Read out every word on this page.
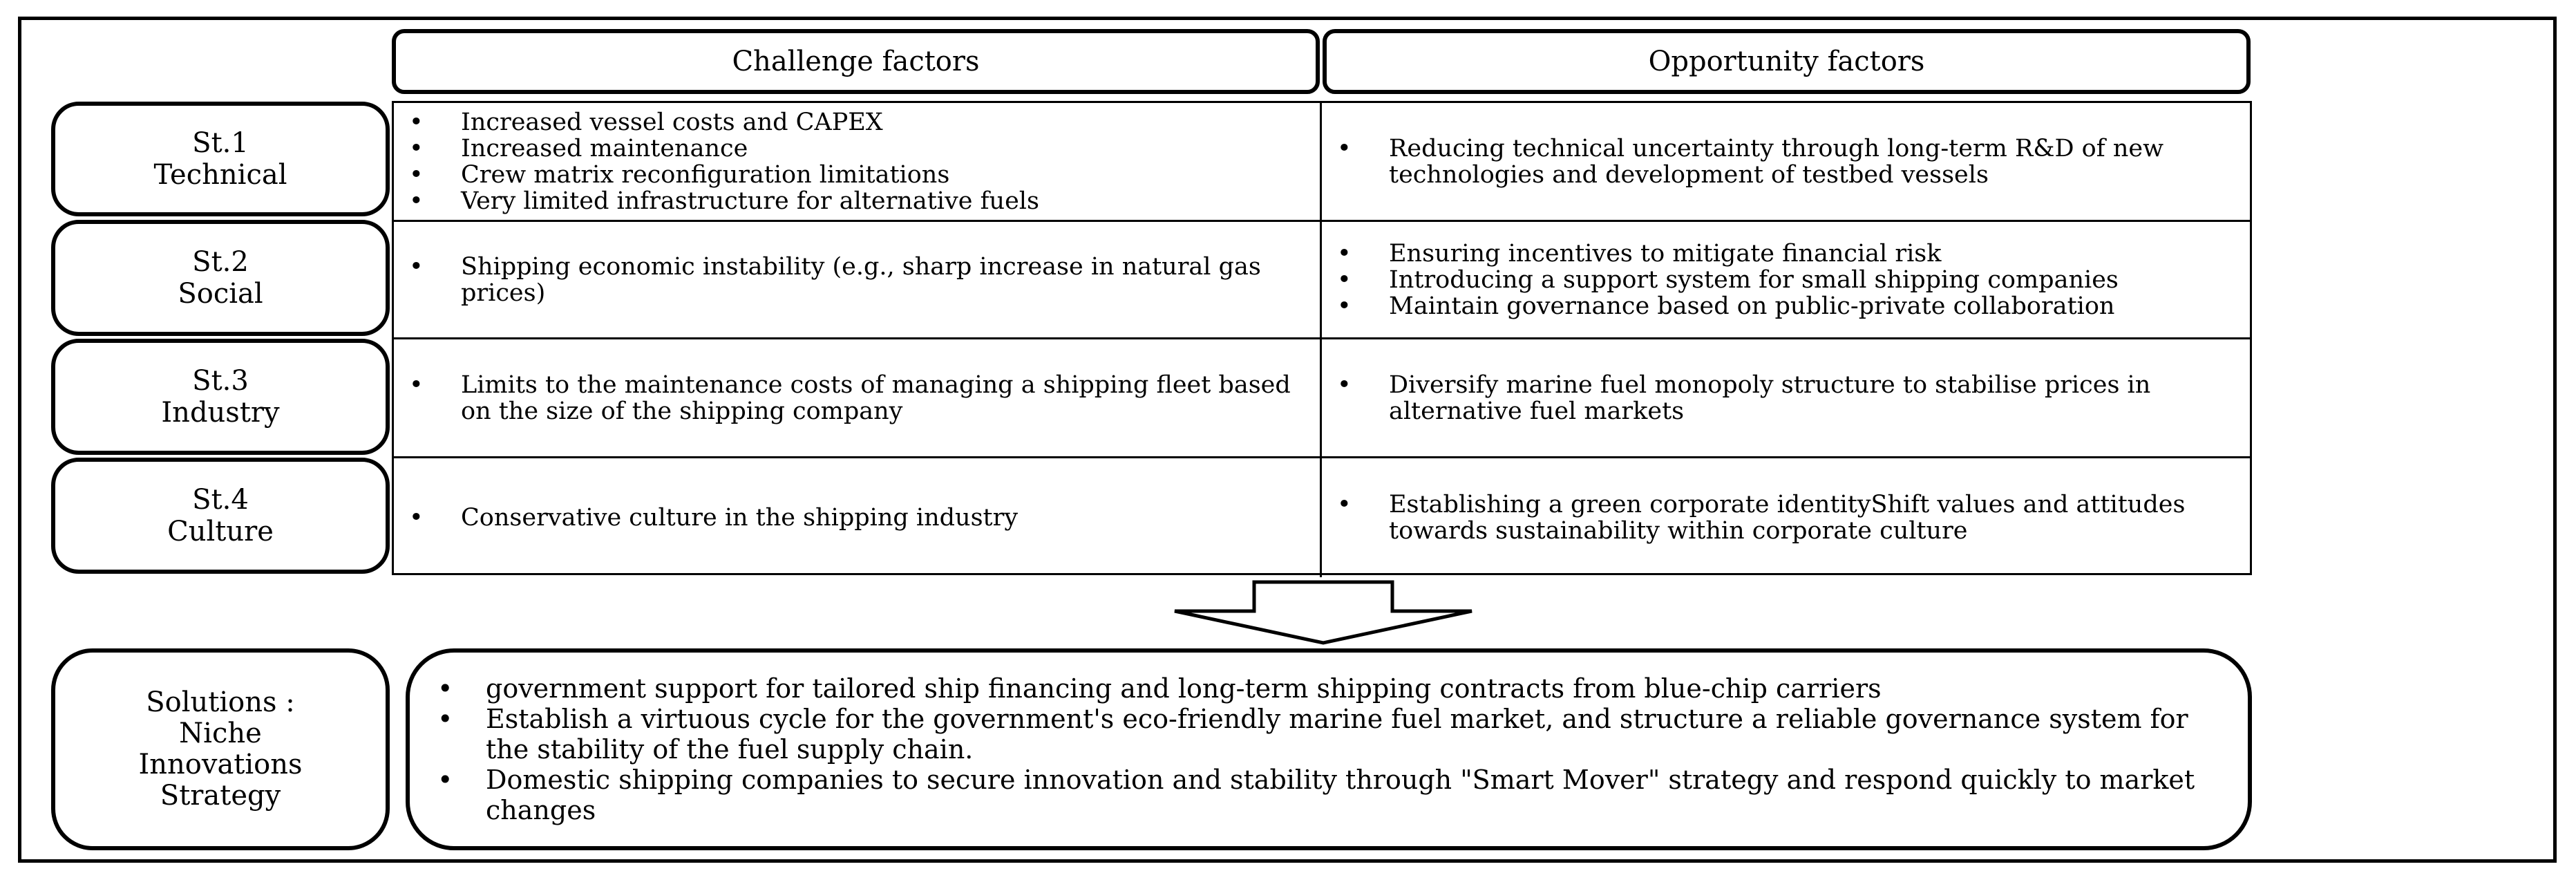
Challenge factors	Opportunity factors
St.1
Technical
St.2
Social
St.3
Industry
St.4
Culture
• Increased vessel costs and CAPEX
• Increased maintenance
• Crew matrix reconfiguration limitations
• Very limited infrastructure for alternative fuels
• Reducing technical uncertainty through long-term R&D of new technologies and development of testbed vessels
• Shipping economic instability (e.g., sharp increase in natural gas prices)
• Ensuring incentives to mitigate financial risk
• Introducing a support system for small shipping companies
• Maintain governance based on public-private collaboration
• Limits to the maintenance costs of managing a shipping fleet based on the size of the shipping company
• Diversify marine fuel monopoly structure to stabilise prices in alternative fuel markets
• Conservative culture in the shipping industry
•	Establishing a green corporate identityShift values and attitudes towards sustainability within corporate culture
Solutions :
Niche
Innovations
Strategy
• government support for tailored ship financing and long-term shipping contracts from blue-chip carriers
• Establish a virtuous cycle for the government's eco-friendly marine fuel market, and structure a reliable governance system for the stability of the fuel supply chain.
• Domestic shipping companies to secure innovation and stability through "Smart Mover" strategy and respond quickly to market changes
